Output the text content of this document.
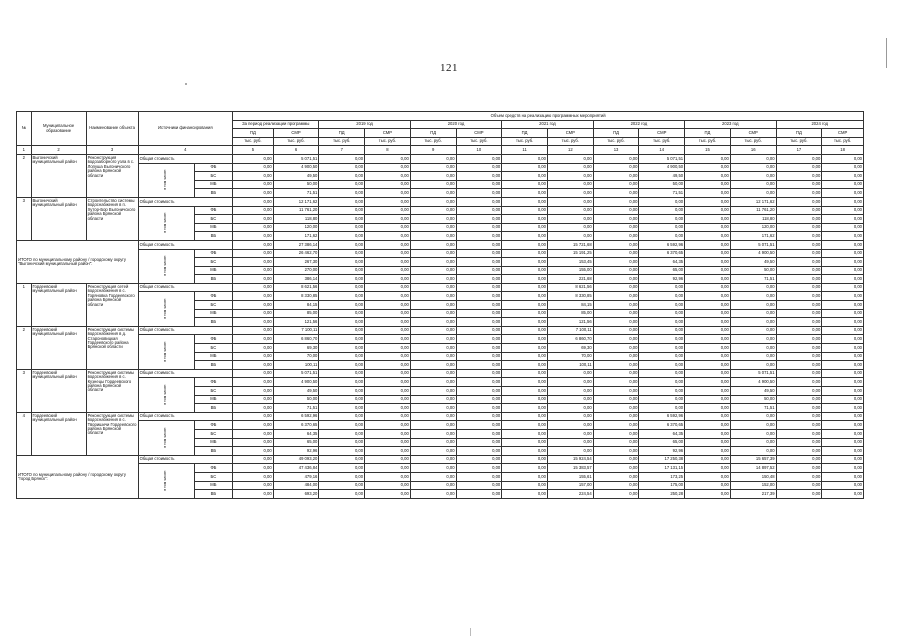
121
№	Муниципальное образование	Наименование объекта	Источники финансирования		Объем средств на реализацию программных мероприятий													
					За период реализации программы		2019 год		2020 год		2021 год		2022 год		2023 год		2024 год	
					ПД	СМР	ПД	СМР	ПД	СМР	ПД	СМР	ПД	СМР	ПД	СМР	ПД	СМР
					тыс. руб.	тыс. руб.	тыс. руб.	тыс. руб.	тыс. руб.	тыс. руб.	тыс. руб.	тыс. руб.	тыс. руб.	тыс. руб.	тыс. руб.	тыс. руб.	тыс. руб.	тыс. руб.
1	2	3	4		5	6	7	8	9	10	11	12	13	14	15	16	17	18
2	Выгоничский муниципальный район	Реконструкция водозаборного узла в с. Лопуша Выгоничского района Брянской области	Общая стоимость		0,00	5 071,51	0,00	0,00	0,00	0,00	0,00	0,00	0,00	5 071,51	0,00	0,00	0,00	0,00
			в том числе:	ФБ	0,00	4 900,50	0,00	0,00	0,00	0,00	0,00	0,00	0,00	4 900,50	0,00	0,00	0,00	0,00
				БС	0,00	49,50	0,00	0,00	0,00	0,00	0,00	0,00	0,00	49,50	0,00	0,00	0,00	0,00
				МБ	0,00	50,00	0,00	0,00	0,00	0,00	0,00	0,00	0,00	50,00	0,00	0,00	0,00	0,00
				ВБ	0,00	71,51	0,00	0,00	0,00	0,00	0,00	0,00	0,00	71,51	0,00	0,00	0,00	0,00
3	Выгоничский муниципальный район	Строительство системы водоснабжения в п. Хутор-Бор Выгоничского района Брянской области	Общая стоимость		0,00	12 171,62	0,00	0,00	0,00	0,00	0,00	0,00	0,00	0,00	0,00	12 171,62	0,00	0,00
			в том числе:	ФБ	0,00	11 761,20	0,00	0,00	0,00	0,00	0,00	0,00	0,00	0,00	0,00	11 761,20	0,00	0,00
				БС	0,00	118,80	0,00	0,00	0,00	0,00	0,00	0,00	0,00	0,00	0,00	118,80	0,00	0,00
				МБ	0,00	120,00	0,00	0,00	0,00	0,00	0,00	0,00	0,00	0,00	0,00	120,00	0,00	0,00
				ВБ	0,00	171,62	0,00	0,00	0,00	0,00	0,00	0,00	0,00	0,00	0,00	171,62	0,00	0,00
ИТОГО по муниципальному району / городскому округу "Выгоничский муниципальный район":			Общая стоимость		0,00	27 386,14	0,00	0,00	0,00	0,00	0,00	15 721,68	0,00	6 592,96	0,00	5 071,51	0,00	0,00
			в том числе:	ФБ	0,00	26 462,70	0,00	0,00	0,00	0,00	0,00	15 191,25	0,00	6 370,65	0,00	4 900,50	0,00	0,00
				БС	0,00	267,30	0,00	0,00	0,00	0,00	0,00	153,45	0,00	64,35	0,00	49,50	0,00	0,00
				МБ	0,00	270,00	0,00	0,00	0,00	0,00	0,00	155,00	0,00	65,00	0,00	50,00	0,00	0,00
				ВБ	0,00	386,14	0,00	0,00	0,00	0,00	0,00	221,68	0,00	92,96	0,00	71,51	0,00	0,00
1	Гордеевский муниципальный район	Реконструкция сетей водоснабжения в с. Горяновка Гордеевского района Брянской области	Общая стоимость		0,00	8 621,56	0,00	0,00	0,00	0,00	0,00	8 621,56	0,00	0,00	0,00	0,00	0,00	0,00
			в том числе:	ФБ	0,00	8 330,85	0,00	0,00	0,00	0,00	0,00	8 330,85	0,00	0,00	0,00	0,00	0,00	0,00
				БС	0,00	84,15	0,00	0,00	0,00	0,00	0,00	84,15	0,00	0,00	0,00	0,00	0,00	0,00
				МБ	0,00	85,00	0,00	0,00	0,00	0,00	0,00	85,00	0,00	0,00	0,00	0,00	0,00	0,00
				ВБ	0,00	121,56	0,00	0,00	0,00	0,00	0,00	121,56	0,00	0,00	0,00	0,00	0,00	0,00
2	Гордеевский муниципальный район	Реконструкция системы водоснабжения в д. Староновицкая Гордеевского района Брянской области	Общая стоимость		0,00	7 100,11	0,00	0,00	0,00	0,00	0,00	7 100,11	0,00	0,00	0,00	0,00	0,00	0,00
			в том числе:	ФБ	0,00	6 860,70	0,00	0,00	0,00	0,00	0,00	6 860,70	0,00	0,00	0,00	0,00	0,00	0,00
				БС	0,00	69,30	0,00	0,00	0,00	0,00	0,00	69,30	0,00	0,00	0,00	0,00	0,00	0,00
				МБ	0,00	70,00	0,00	0,00	0,00	0,00	0,00	70,00	0,00	0,00	0,00	0,00	0,00	0,00
				ВБ	0,00	100,11	0,00	0,00	0,00	0,00	0,00	100,11	0,00	0,00	0,00	0,00	0,00	0,00
3	Гордеевский муниципальный район	Реконструкция системы водоснабжения в с. Кузнецы Гордеевского района Брянской области	Общая стоимость		0,00	5 071,51	0,00	0,00	0,00	0,00	0,00	0,00	0,00	0,00	0,00	5 071,51	0,00	0,00
			в том числе:	ФБ	0,00	4 900,50	0,00	0,00	0,00	0,00	0,00	0,00	0,00	0,00	0,00	4 900,50	0,00	0,00
				БС	0,00	49,50	0,00	0,00	0,00	0,00	0,00	0,00	0,00	0,00	0,00	49,50	0,00	0,00
				МБ	0,00	50,00	0,00	0,00	0,00	0,00	0,00	0,00	0,00	0,00	0,00	50,00	0,00	0,00
				ВБ	0,00	71,51	0,00	0,00	0,00	0,00	0,00	0,00	0,00	0,00	0,00	71,51	0,00	0,00
4	Гордеевский муниципальный район	Реконструкция системы водоснабжения в с. Творишичи Гордеевского района Брянской области	Общая стоимость		0,00	6 592,96	0,00	0,00	0,00	0,00	0,00	0,00	0,00	6 592,96	0,00	0,00	0,00	0,00
			в том числе:	ФБ	0,00	6 370,65	0,00	0,00	0,00	0,00	0,00	0,00	0,00	6 370,65	0,00	0,00	0,00	0,00
				БС	0,00	64,35	0,00	0,00	0,00	0,00	0,00	0,00	0,00	64,35	0,00	0,00	0,00	0,00
				МБ	0,00	65,00	0,00	0,00	0,00	0,00	0,00	0,00	0,00	65,00	0,00	0,00	0,00	0,00
				ВБ	0,00	92,96	0,00	0,00	0,00	0,00	0,00	0,00	0,00	92,96	0,00	0,00	0,00	0,00
ИТОГО по муниципальному району / городскому округу "город Брянск":			Общая стоимость		0,00	49 093,20	0,00	0,00	0,00	0,00	0,00	15 924,54	0,00	17 250,38	0,00	15 657,39	0,00	0,00
			в том числе:	ФБ	0,00	47 436,84	0,00	0,00	0,00	0,00	0,00	15 383,57	0,00	17 131,15	0,00	14 897,52	0,00	0,00
				БС	0,00	479,16	0,00	0,00	0,00	0,00	0,00	155,61	0,00	173,25	0,00	150,48	0,00	0,00
				МБ	0,00	484,00	0,00	0,00	0,00	0,00	0,00	157,00	0,00	175,00	0,00	152,00	0,00	0,00
				ВБ	0,00	693,20	0,00	0,00	0,00	0,00	0,00	224,54	0,00	250,28	0,00	217,39	0,00	0,00
